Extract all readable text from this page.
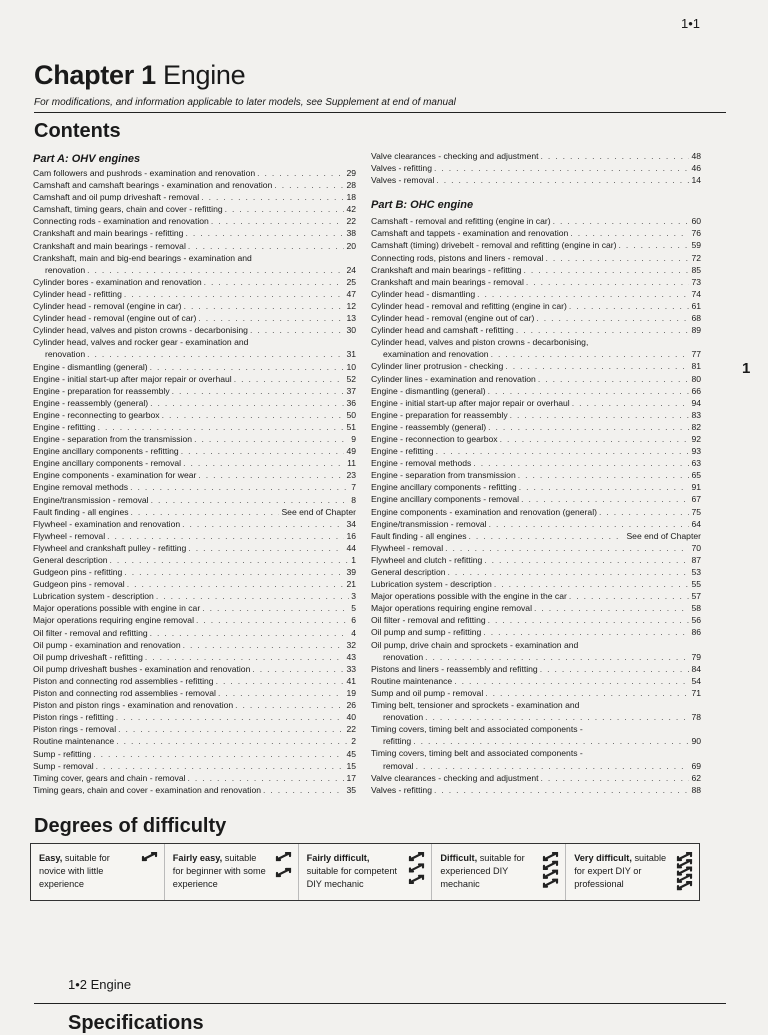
1•1
Chapter 1 Engine
For modifications, and information applicable to later models, see Supplement at end of manual
Contents
Part A: OHV engines
Cam followers and pushrods - examination and renovation . . .	29
Camshaft and camshaft bearings - examination and renovation . . .	28
Camshaft and oil pump driveshaft - removal . . .	18
Camshaft, timing gears, chain and cover - refitting . . .	42
Connecting rods - examination and renovation . . .	22
Crankshaft and main bearings - refitting . . .	38
Crankshaft and main bearings - removal . . .	20
Crankshaft, main and big-end bearings - examination and
renovation . . .	24
Cylinder bores - examination and renovation . . .	25
Cylinder head - refitting . . .	47
Cylinder head - removal (engine in car) . . .	12
Cylinder head - removal (engine out of car) . . .	13
Cylinder head, valves and piston crowns - decarbonising . . .	30
Cylinder head, valves and rocker gear - examination and
renovation . . .	31
Engine - dismantling (general) . . .	10
Engine - initial start-up after major repair or overhaul . . .	52
Engine - preparation for reassembly . . .	37
Engine - reassembly (general) . . .	36
Engine - reconnecting to gearbox . . .	50
Engine - refitting . . .	51
Engine - separation from the transmission . . .	9
Engine ancillary components - refitting . . .	49
Engine ancillary components - removal . . .	11
Engine components - examination for wear . . .	23
Engine removal methods . . .	7
Engine/transmission - removal . . .	8
Fault finding - all engines . . .	See end of Chapter
Flywheel - examination and renovation . . .	34
Flywheel - removal . . .	16
Flywheel and crankshaft pulley - refitting . . .	44
General description . . .	1
Gudgeon pins - refitting . . .	39
Gudgeon pins - removal . . .	21
Lubrication system - description . . .	3
Major operations possible with engine in car . . .	5
Major operations requiring engine removal . . .	6
Oil filter - removal and refitting . . .	4
Oil pump - examination and renovation . . .	32
Oil pump driveshaft - refitting . . .	43
Oil pump driveshaft bushes - examination and renovation . . .	33
Piston and connecting rod assemblies - refitting . . .	41
Piston and connecting rod assemblies - removal . . .	19
Piston and piston rings - examination and renovation . . .	26
Piston rings - refitting . . .	40
Piston rings - removal . . .	22
Routine maintenance . . .	2
Sump - refitting . . .	45
Sump - removal . . .	15
Timing cover, gears and chain - removal . . .	17
Timing gears, chain and cover - examination and renovation . . .	35
Valve clearances - checking and adjustment . . .	48
Valves - refitting . . .	46
Valves - removal . . .	14
Part B: OHC engine
Camshaft - removal and refitting (engine in car) . . .	60
Camshaft and tappets - examination and renovation . . .	76
Camshaft (timing) drivebelt - removal and refitting (engine in car) . . .	59
Connecting rods, pistons and liners - removal . . .	72
Crankshaft and main bearings - refitting . . .	85
Crankshaft and main bearings - removal . . .	73
Cylinder head - dismantling . . .	74
Cylinder head - removal and refitting (engine in car) . . .	61
Cylinder head - removal (engine out of car) . . .	68
Cylinder head and camshaft - refitting . . .	89
Cylinder head, valves and piston crowns - decarbonising,
examination and renovation . . .	77
Cylinder liner protrusion - checking . . .	81
Cylinder lines - examination and renovation . . .	80
Engine - dismantling (general) . . .	66
Engine - initial start-up after major repair or overhaul . . .	94
Engine - preparation for reassembly . . .	83
Engine - reassembly (general) . . .	82
Engine - reconnection to gearbox . . .	92
Engine - refitting . . .	93
Engine - removal methods . . .	63
Engine - separation from transmission . . .	65
Engine ancillary components - refitting . . .	91
Engine ancillary components - removal . . .	67
Engine components - examination and renovation (general) . . .	75
Engine/transmission - removal . . .	64
Fault finding - all engines . . .	See end of Chapter
Flywheel - removal . . .	70
Flywheel and clutch - refitting . . .	87
General description . . .	53
Lubrication system - description . . .	55
Major operations possible with the engine in the car . . .	57
Major operations requiring engine removal . . .	58
Oil filter - removal and refitting . . .	56
Oil pump and sump - refitting . . .	86
Oil pump, drive chain and sprockets - examination and
renovation . . .	79
Pistons and liners - reassembly and refitting . . .	84
Routine maintenance . . .	54
Sump and oil pump - removal . . .	71
Timing belt, tensioner and sprockets - examination and
renovation . . .	78
Timing covers, timing belt and associated components -
refitting . . .	90
Timing covers, timing belt and associated components -
removal . . .	69
Valve clearances - checking and adjustment . . .	62
Valves - refitting . . .	88
1
Degrees of difficulty
Easy, suitable for novice with little experience
Fairly easy, suitable for beginner with some experience
Fairly difficult, suitable for competent DIY mechanic
Difficult, suitable for experienced DIY mechanic
Very difficult, suitable for expert DIY or professional
1•2 Engine
Specifications
